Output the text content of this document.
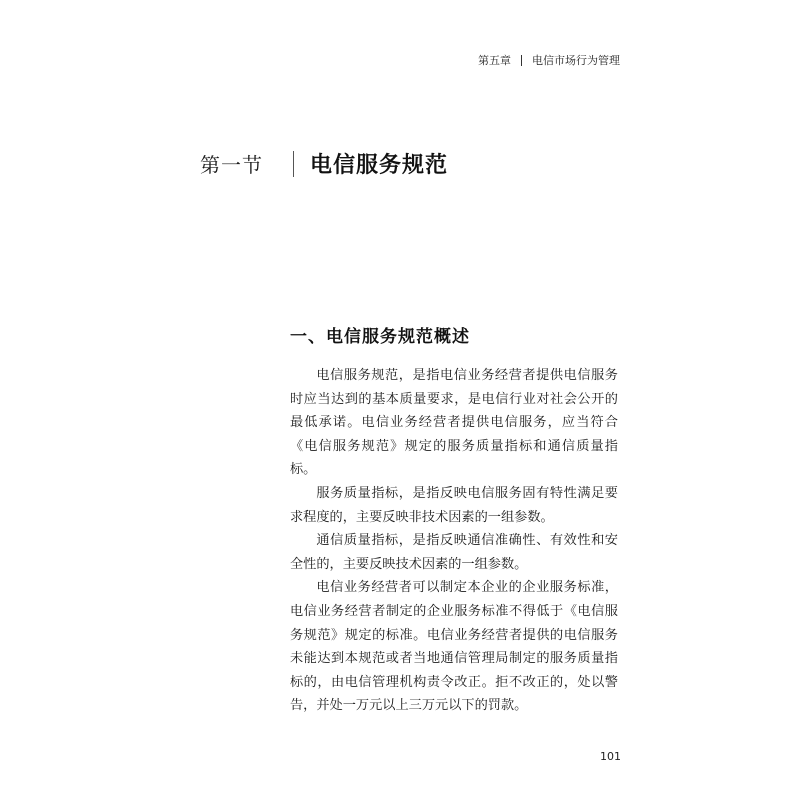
第五章 电信市场行为管理
第一节 电信服务规范
一、电信服务规范概述

电信服务规范，是指电信业务经营者提供电信服务时应当达到的基本质量要求，是电信行业对社会公开的最低承诺。电信业务经营者提供电信服务，应当符合《电信服务规范》规定的服务质量指标和通信质量指标。

服务质量指标，是指反映电信服务固有特性满足要求程度的，主要反映非技术因素的一组参数。

通信质量指标，是指反映通信准确性、有效性和安全性的，主要反映技术因素的一组参数。

电信业务经营者可以制定本企业的企业服务标准，电信业务经营者制定的企业服务标准不得低于《电信服务规范》规定的标准。电信业务经营者提供的电信服务未能达到本规范或者当地通信管理局制定的服务质量指标的，由电信管理机构责令改正。拒不改正的，处以警告，并处一万元以上三万元以下的罚款。

101
